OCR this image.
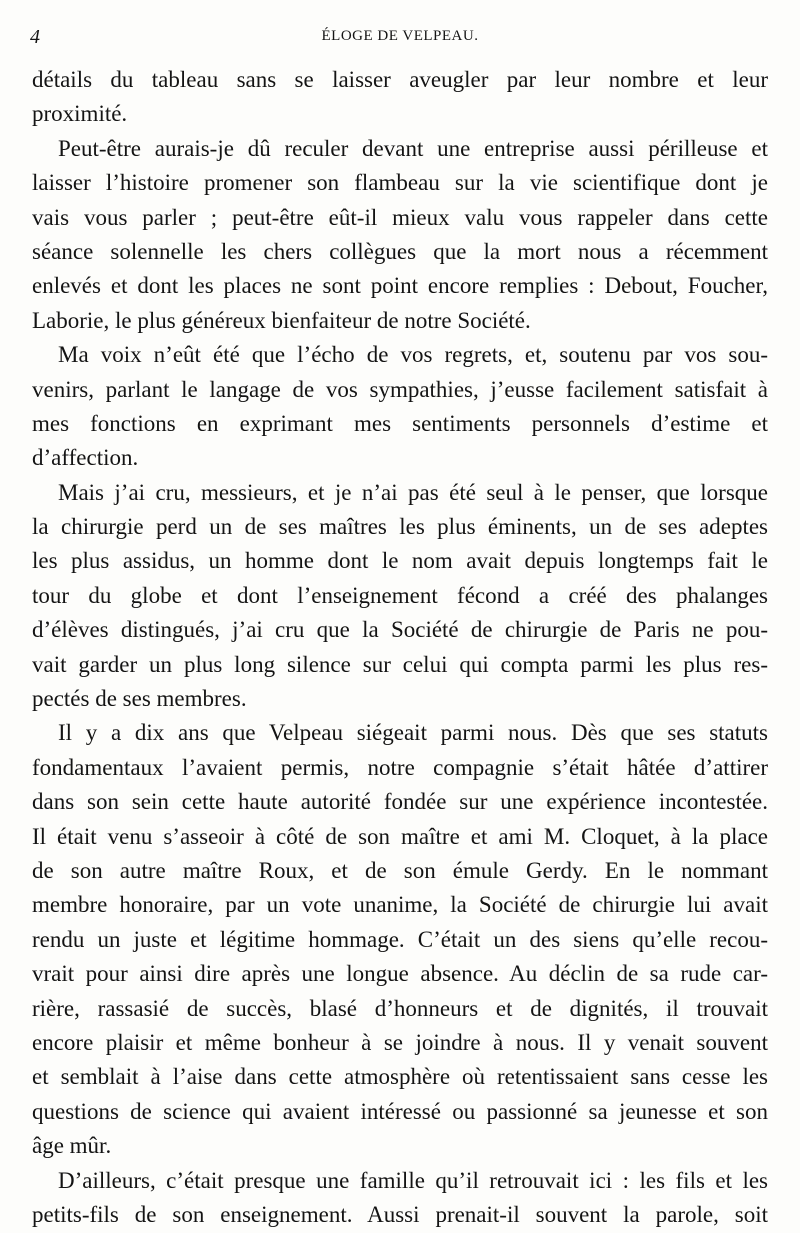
4	ÉLOGE DE VELPEAU.
détails du tableau sans se laisser aveugler par leur nombre et leur
proximité.
Peut-être aurais-je dû reculer devant une entreprise aussi périlleuse et
laisser l’histoire promener son flambeau sur la vie scientifique dont je
vais vous parler ; peut-être eût-il mieux valu vous rappeler dans cette
séance solennelle les chers collègues que la mort nous a récemment
enlevés et dont les places ne sont point encore remplies : Debout, Foucher,
Laborie, le plus généreux bienfaiteur de notre Société.
Ma voix n’eût été que l’écho de vos regrets, et, soutenu par vos sou-
venirs, parlant le langage de vos sympathies, j’eusse facilement satisfait à
mes fonctions en exprimant mes sentiments personnels d’estime et
d’affection.
Mais j’ai cru, messieurs, et je n’ai pas été seul à le penser, que lorsque
la chirurgie perd un de ses maîtres les plus éminents, un de ses adeptes
les plus assidus, un homme dont le nom avait depuis longtemps fait le
tour du globe et dont l’enseignement fécond a créé des phalanges
d’élèves distingués, j’ai cru que la Société de chirurgie de Paris ne pou-
vait garder un plus long silence sur celui qui compta parmi les plus res-
pectés de ses membres.
Il y a dix ans que Velpeau siégeait parmi nous. Dès que ses statuts
fondamentaux l’avaient permis, notre compagnie s’était hâtée d’attirer
dans son sein cette haute autorité fondée sur une expérience incontestée.
Il était venu s’asseoir à côté de son maître et ami M. Cloquet, à la place
de son autre maître Roux, et de son émule Gerdy. En le nommant
membre honoraire, par un vote unanime, la Société de chirurgie lui avait
rendu un juste et légitime hommage. C’était un des siens qu’elle recou-
vrait pour ainsi dire après une longue absence. Au déclin de sa rude car-
rière, rassasié de succès, blasé d’honneurs et de dignités, il trouvait
encore plaisir et même bonheur à se joindre à nous. Il y venait souvent
et semblait à l’aise dans cette atmosphère où retentissaient sans cesse les
questions de science qui avaient intéressé ou passionné sa jeunesse et son
âge mûr.
D’ailleurs, c’était presque une famille qu’il retrouvait ici : les fils et les
petits-fils de son enseignement. Aussi prenait-il souvent la parole, soit
